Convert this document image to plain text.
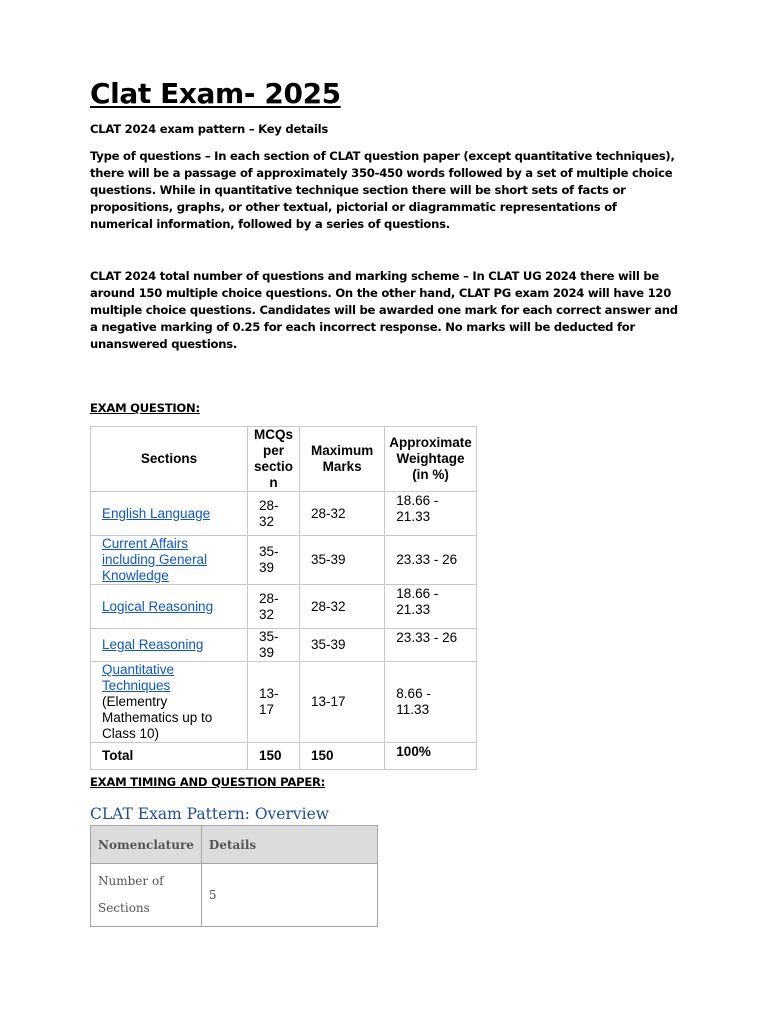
Clat Exam- 2025

CLAT 2024 exam pattern – Key details

Type of questions – In each section of CLAT question paper (except quantitative techniques), there will be a passage of approximately 350-450 words followed by a set of multiple choice questions. While in quantitative technique section there will be short sets of facts or propositions, graphs, or other textual, pictorial or diagrammatic representations of numerical information, followed by a series of questions.

CLAT 2024 total number of questions and marking scheme – In CLAT UG 2024 there will be around 150 multiple choice questions. On the other hand, CLAT PG exam 2024 will have 120 multiple choice questions. Candidates will be awarded one mark for each correct answer and a negative marking of 0.25 for each incorrect response. No marks will be deducted for unanswered questions.

EXAM QUESTION:

Sections	MCQs per sectio n	Maximum Marks	Approximate Weightage (in %)
English Language	28-32	28-32	18.66 - 21.33
Current Affairs including General Knowledge	35-39	35-39	23.33 - 26
Logical Reasoning	28-32	28-32	18.66 - 21.33
Legal Reasoning	35-39	35-39	23.33 - 26
Quantitative Techniques (Elementry Mathematics up to Class 10)	13-17	13-17	8.66 - 11.33
Total	150	150	100%

EXAM TIMING AND QUESTION PAPER:

CLAT Exam Pattern: Overview
Nomenclature	Details
Number of Sections	5
